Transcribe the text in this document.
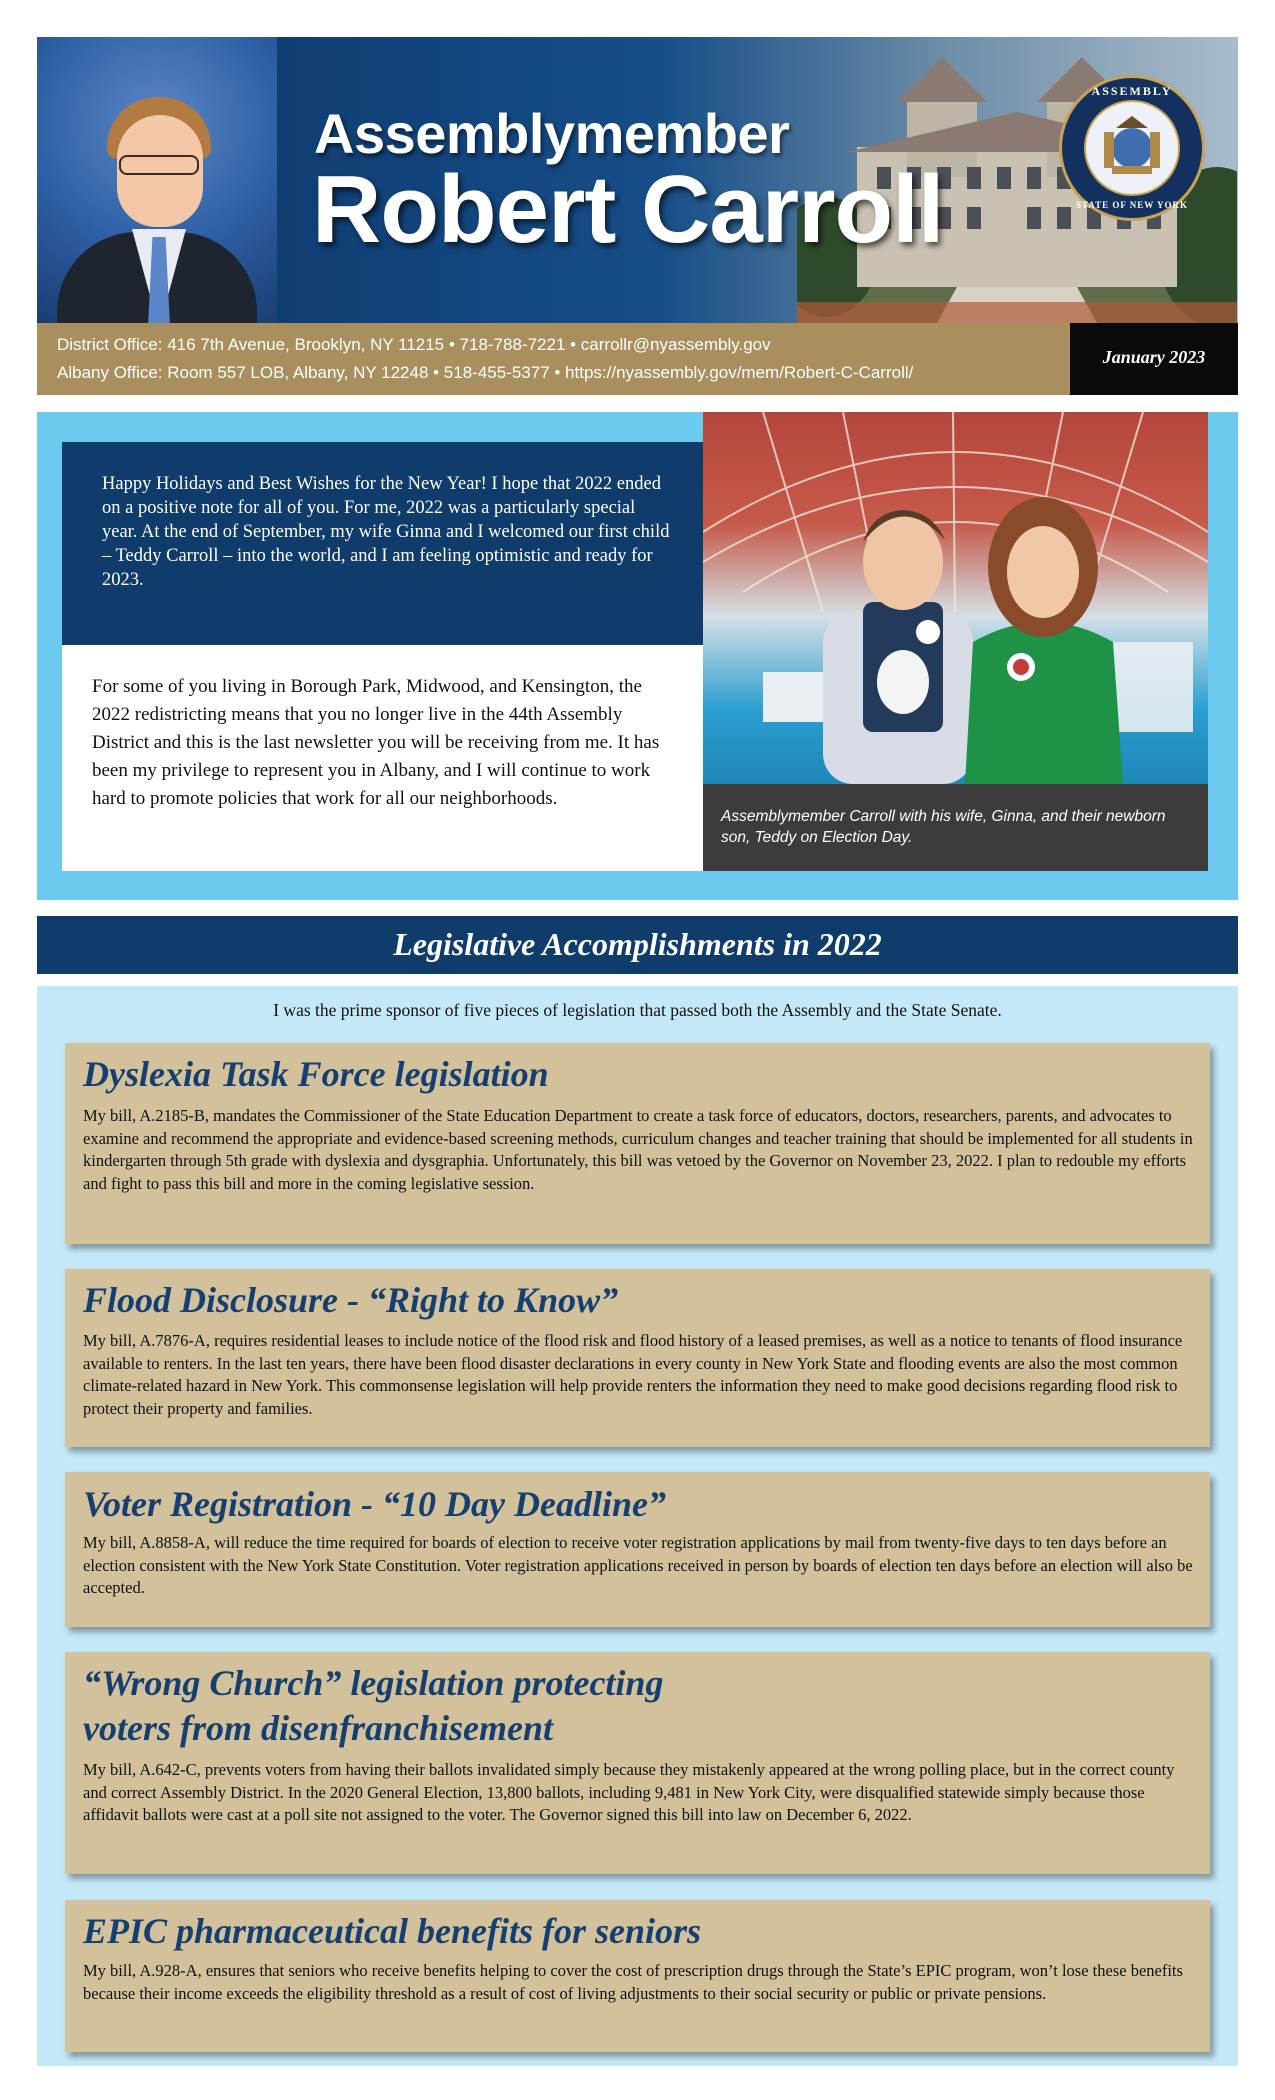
ASSEMBLY
STATE OF NEW YORK
Assemblymember
Robert Carroll
District Office: 416 7th Avenue, Brooklyn, NY 11215 • 718-788-7221 • carrollr@nyassembly.gov
Albany Office: Room 557 LOB, Albany, NY 12248 • 518-455-5377 • https://nyassembly.gov/mem/Robert-C-Carroll/
January 2023
Happy Holidays and Best Wishes for the New Year! I hope that 2022 ended on a positive note for all of you. For me, 2022 was a particularly special year. At the end of September, my wife Ginna and I welcomed our first child – Teddy Carroll – into the world, and I am feeling optimistic and ready for 2023.
For some of you living in Borough Park, Midwood, and Kensington, the 2022 redistricting means that you no longer live in the 44th Assembly District and this is the last newsletter you will be receiving from me. It has been my privilege to represent you in Albany, and I will continue to work hard to promote policies that work for all our neighborhoods.
Assemblymember Carroll with his wife, Ginna, and their newborn son, Teddy on Election Day.
Legislative Accomplishments in 2022
I was the prime sponsor of five pieces of legislation that passed both the Assembly and the State Senate.
Dyslexia Task Force legislation
My bill, A.2185-B, mandates the Commissioner of the State Education Department to create a task force of educators, doctors, researchers, parents, and advocates to examine and recommend the appropriate and evidence-based screening methods, curriculum changes and teacher training that should be implemented for all students in kindergarten through 5th grade with dyslexia and dysgraphia. Unfortunately, this bill was vetoed by the Governor on November 23, 2022. I plan to redouble my efforts and fight to pass this bill and more in the coming legislative session.
Flood Disclosure - “Right to Know”
My bill, A.7876-A, requires residential leases to include notice of the flood risk and flood history of a leased premises, as well as a notice to tenants of flood insurance available to renters. In the last ten years, there have been flood disaster declarations in every county in New York State and flooding events are also the most common climate-related hazard in New York. This commonsense legislation will help provide renters the information they need to make good decisions regarding flood risk to protect their property and families.
Voter Registration - “10 Day Deadline”
My bill, A.8858-A, will reduce the time required for boards of election to receive voter registration applications by mail from twenty-five days to ten days before an election consistent with the New York State Constitution. Voter registration applications received in person by boards of election ten days before an election will also be accepted.
“Wrong Church” legislation protecting
voters from disenfranchisement
My bill, A.642-C, prevents voters from having their ballots invalidated simply because they mistakenly appeared at the wrong polling place, but in the correct county and correct Assembly District. In the 2020 General Election, 13,800 ballots, including 9,481 in New York City, were disqualified statewide simply because those affidavit ballots were cast at a poll site not assigned to the voter. The Governor signed this bill into law on December 6, 2022.
EPIC pharmaceutical benefits for seniors
My bill, A.928-A, ensures that seniors who receive benefits helping to cover the cost of prescription drugs through the State’s EPIC program, won’t lose these benefits because their income exceeds the eligibility threshold as a result of cost of living adjustments to their social security or public or private pensions.
